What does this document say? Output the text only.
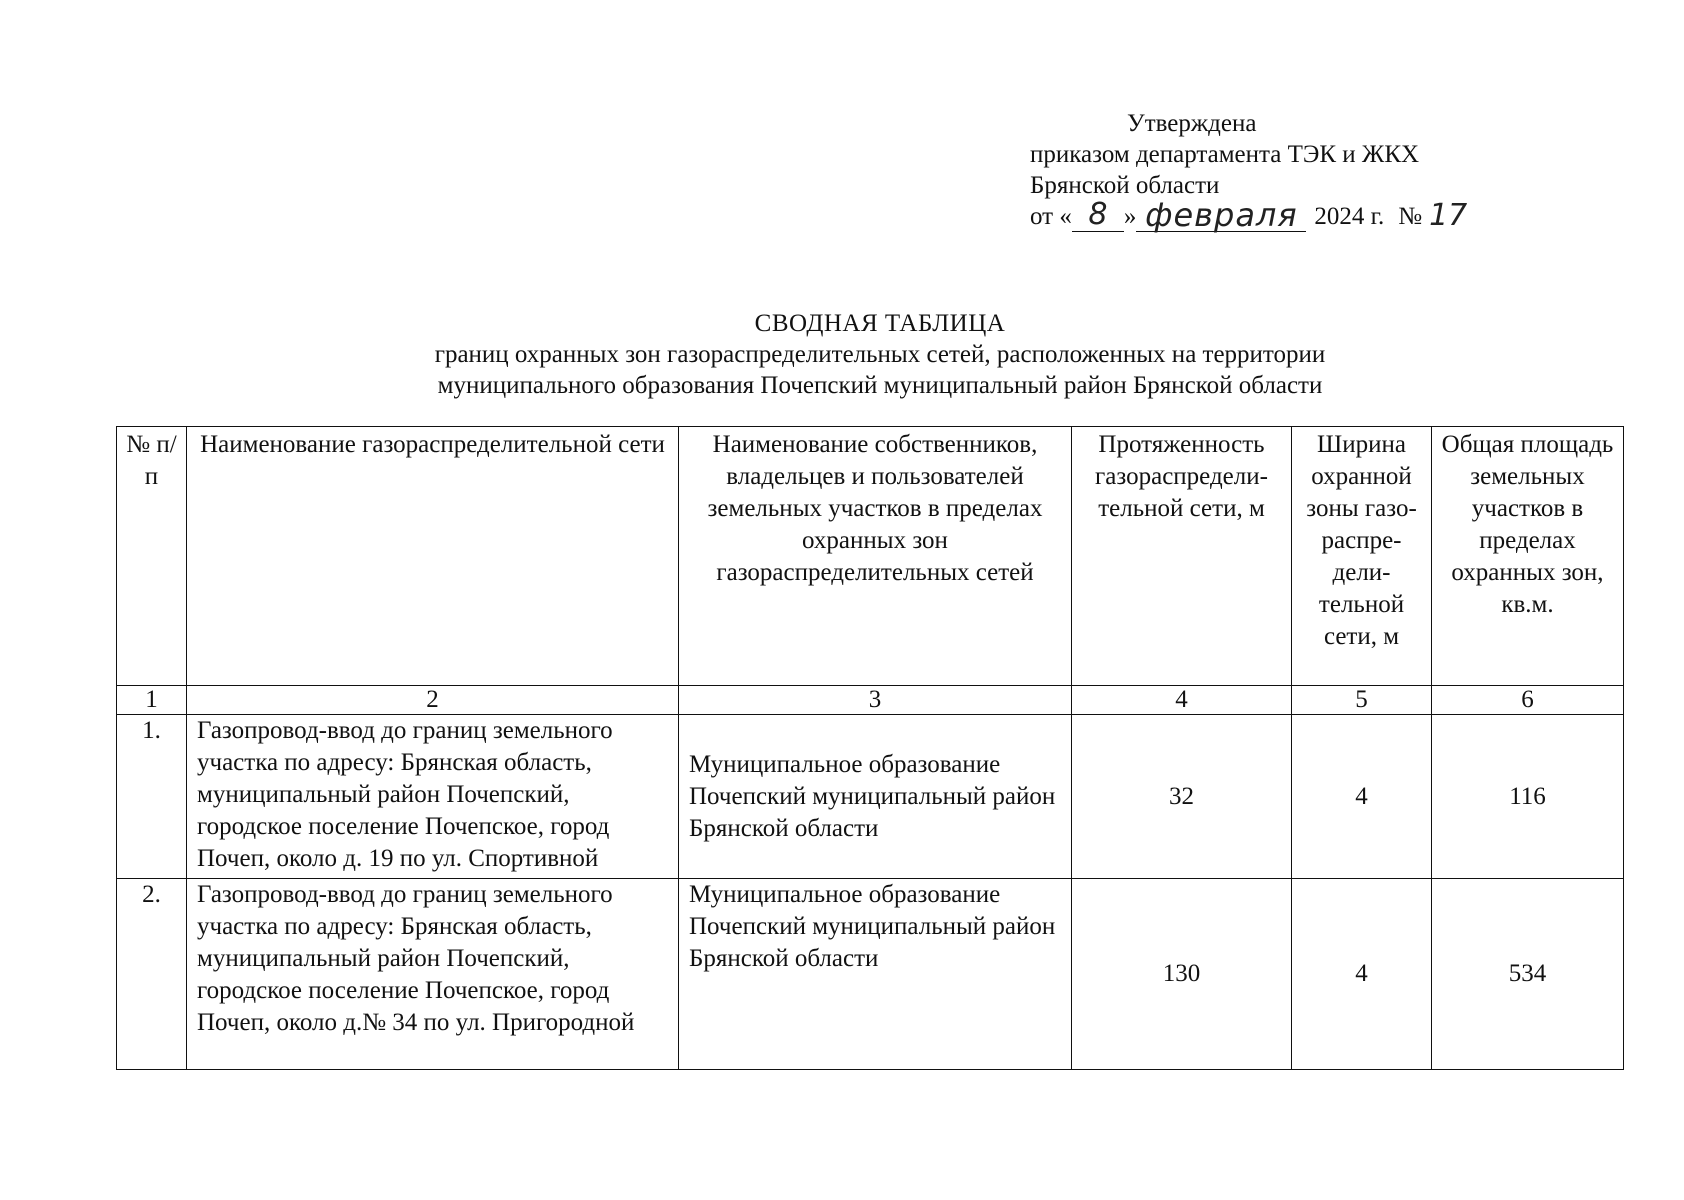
Утверждена
приказом департамента ТЭК и ЖКХ
Брянской области
от « 8 » февраля 2024 г. № 17
СВОДНАЯ ТАБЛИЦА
границ охранных зон газораспределительных сетей, расположенных на территории
муниципального образования Почепский муниципальный район Брянской области
№ п/п	Наименование газораспределительной сети	Наименование собственников, владельцев и пользователей земельных участков в пределах охранных зон газораспределительных сетей	Протяженность газораспредели-тельной сети, м	Ширина охранной зоны газо-распре-дели-тельной сети, м	Общая площадь земельных участков в пределах охранных зон, кв.м.
1	2	3	4	5	6
1.	Газопровод-ввод до границ земельного участка по адресу: Брянская область, муниципальный район Почепский, городское поселение Почепское, город Почеп, около д. 19 по ул. Спортивной	Муниципальное образование Почепский муниципальный район Брянской области	32	4	116
2.	Газопровод-ввод до границ земельного участка по адресу: Брянская область, муниципальный район Почепский, городское поселение Почепское, город Почеп, около д.№ 34 по ул. Пригородной	Муниципальное образование Почепский муниципальный район Брянской области	130	4	534
